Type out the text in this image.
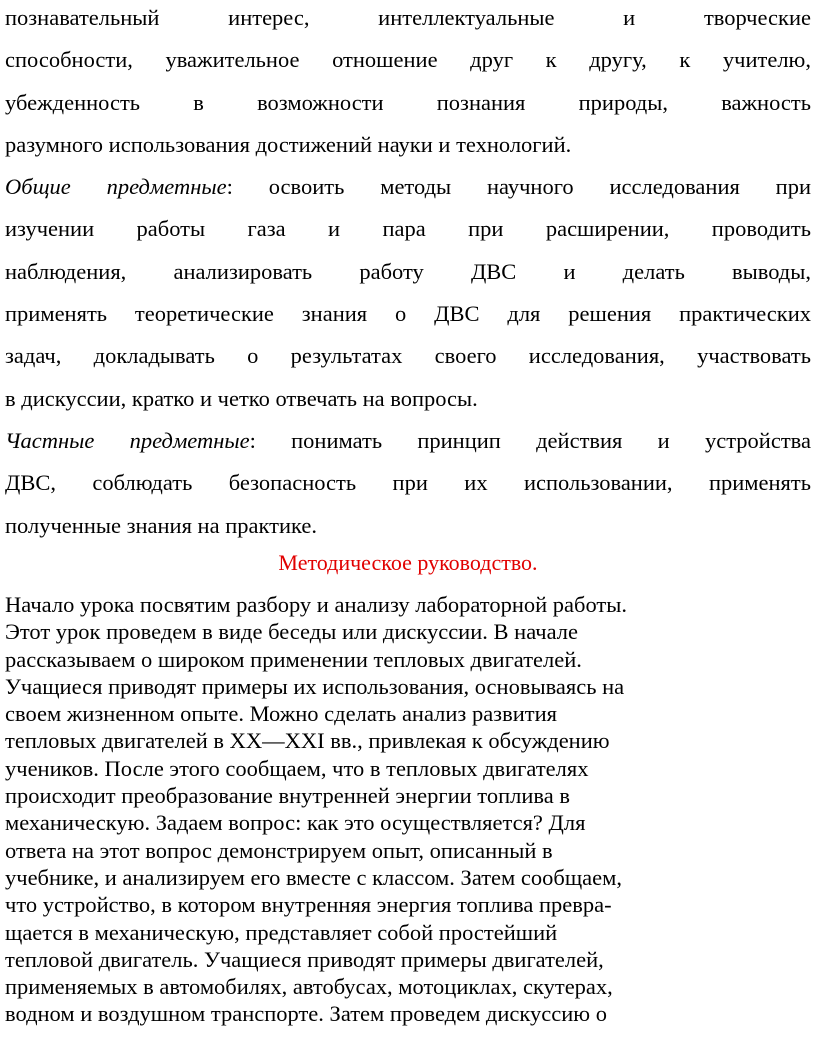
познавательный интерес, интеллектуальные и творческие
способности, уважительное отношение друг к другу, к учителю,
убежденность в возможности познания природы, важность
разумного использования достижений науки и технологий.
Общие предметные: освоить методы научного исследования при
изучении работы газа и пара при расширении, проводить
наблюдения, анализировать работу ДВС и делать выводы,
применять теоретические знания о ДВС для решения практических
задач, докладывать о результатах своего исследования, участвовать
в дискуссии, кратко и четко отвечать на вопросы.
Частные предметные: понимать принцип действия и устройства
ДВС, соблюдать безопасность при их использовании, применять
полученные знания на практике.
Методическое руководство.
Начало урока посвятим разбору и анализу лабораторной работы.
Этот урок проведем в виде беседы или дискуссии. В начале
рассказываем о широком применении тепловых двигателей.
Учащиеся приводят примеры их использования, основываясь на
своем жизненном опыте. Можно сделать анализ развития
тепловых двигателей в XX—XXI вв., привлекая к обсуждению
учеников. После этого сообщаем, что в тепловых двигателях
происходит преобразование внутренней энергии топлива в
механическую. Задаем вопрос: как это осуществляется? Для
ответа на этот вопрос демонстрируем опыт, описанный в
учебнике, и анализируем его вместе с классом. Затем сообщаем,
что устройство, в котором внутренняя энергия топлива превра-
щается в механическую, представляет собой простейший
тепловой двигатель. Учащиеся приводят примеры двигателей,
применяемых в автомобилях, автобусах, мотоциклах, скутерах,
водном и воздушном транспорте. Затем проведем дискуссию о
